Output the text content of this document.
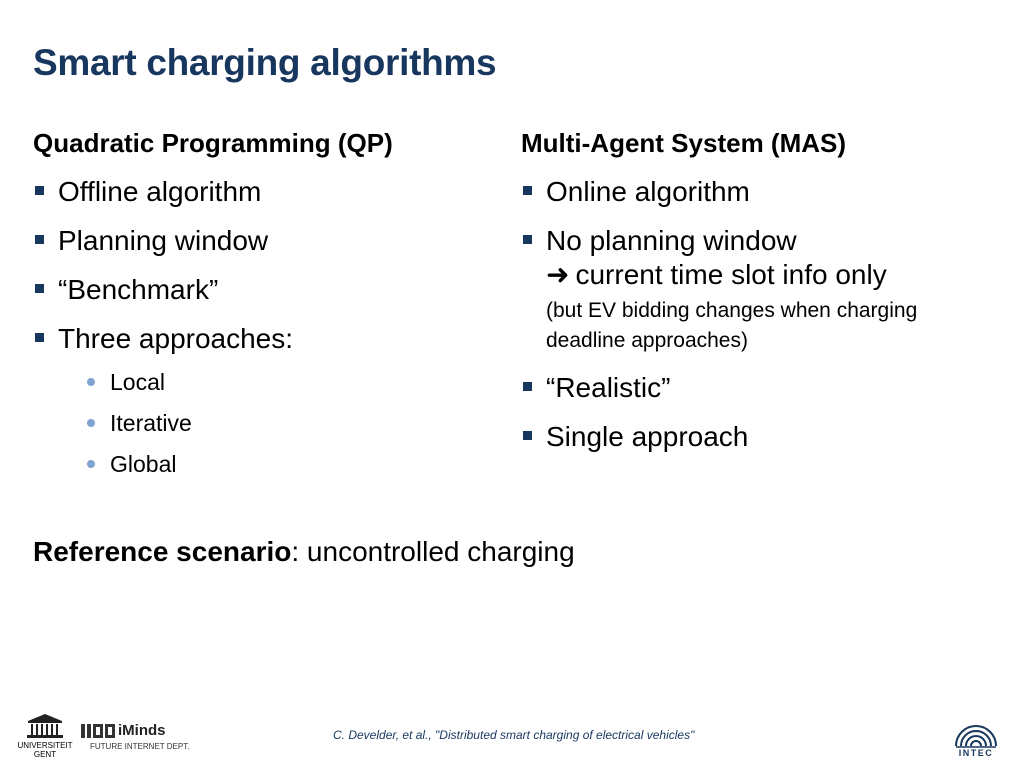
Smart charging algorithms
Quadratic Programming (QP)
Offline algorithm
Planning window
“Benchmark”
Three approaches:
Local
Iterative
Global
Multi-Agent System (MAS)
Online algorithm
No planning window
➜ current time slot info only
(but EV bidding changes when charging deadline approaches)
“Realistic”
Single approach
Reference scenario: uncontrolled charging
UNIVERSITEIT
GENT
iMinds
FUTURE INTERNET DEPT.
C. Develder, et al., "Distributed smart charging of electrical vehicles"
INTEC
